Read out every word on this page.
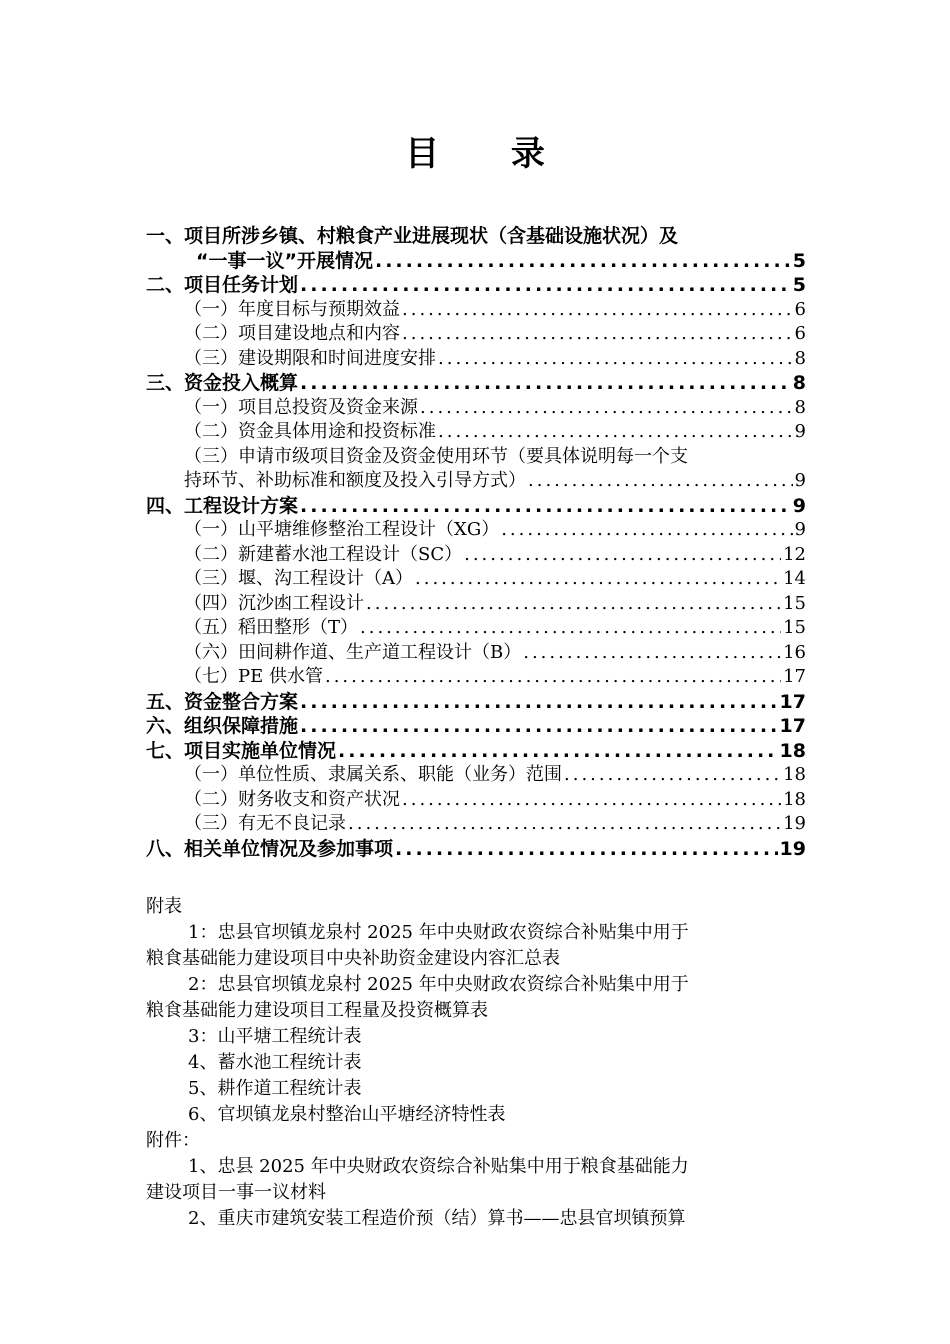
目 录
一、项目所涉乡镇、村粮食产业进展现状（含基础设施状况）及
“一事一议”开展情况 .....	5
二、项目任务计划 .....	5
（一）年度目标与预期效益 .....	6
（二）项目建设地点和内容 .....	6
（三）建设期限和时间进度安排 .....	8
三、资金投入概算 .....	8
（一）项目总投资及资金来源 .....	8
（二）资金具体用途和投资标准 .....	9
（三）申请市级项目资金及资金使用环节（要具体说明每一个支
持环节、补助标准和额度及投入引导方式） .....	9
四、工程设计方案 .....	9
（一）山平塘维修整治工程设计（XG） .....	9
（二）新建蓄水池工程设计（SC） .....	12
（三）堰、沟工程设计（A） .....	14
（四）沉沙凼工程设计 .....	15
（五）稻田整形（T） .....	15
（六）田间耕作道、生产道工程设计（B） .....	16
（七）PE 供水管 .....	17
五、资金整合方案 .....	17
六、组织保障措施 .....	17
七、项目实施单位情况 .....	18
（一）单位性质、隶属关系、职能（业务）范围 .....	18
（二）财务收支和资产状况 .....	18
（三）有无不良记录 .....	19
八、相关单位情况及参加事项 .....	19
附表
1：忠县官坝镇龙泉村 2025 年中央财政农资综合补贴集中用于
粮食基础能力建设项目中央补助资金建设内容汇总表
2：忠县官坝镇龙泉村 2025 年中央财政农资综合补贴集中用于
粮食基础能力建设项目工程量及投资概算表
3：山平塘工程统计表
4、蓄水池工程统计表
5、耕作道工程统计表
6、官坝镇龙泉村整治山平塘经济特性表
附件：
1、忠县 2025 年中央财政农资综合补贴集中用于粮食基础能力
建设项目一事一议材料
2、重庆市建筑安装工程造价预（结）算书——忠县官坝镇预算
